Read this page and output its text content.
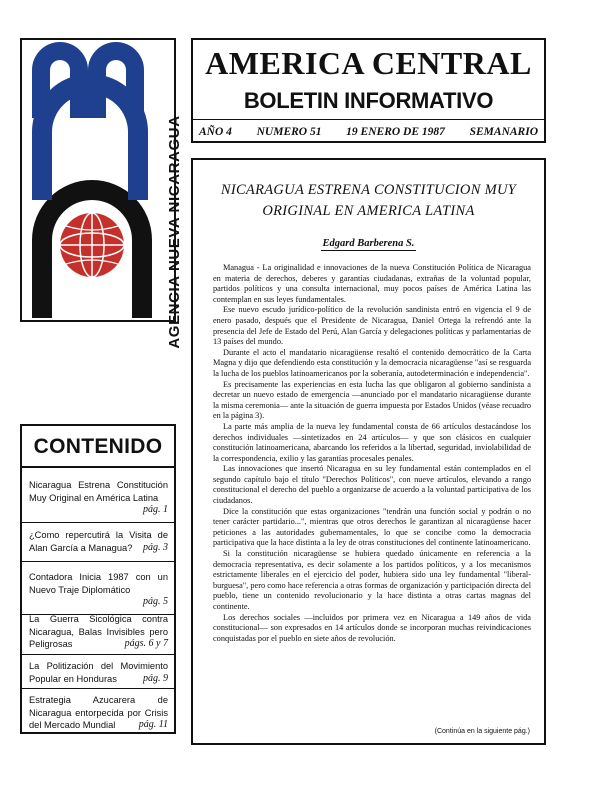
AGENCIA NUEVA NICARAGUA
AMERICA CENTRAL
BOLETIN INFORMATIVO
AÑO 4 NUMERO 51 19 ENERO DE 1987 SEMANARIO
CONTENIDO
Nicaragua Estrena Constitución Muy Original en América Latina
pág. 1
¿Como repercutirá la Visita de Alan García a Managua? pág. 3
Contadora Inicia 1987 con un Nuevo Traje Diplomático
pág. 5
La Guerra Sicológica contra Nicaragua, Balas Invisibles pero Peligrosas	págs. 6 y 7
La Politización del Movimiento Popular en Honduras	pág. 9
Estrategia Azucarera de Nicaragua entorpecida por Crisis del Mercado Mundial	pág. 11
NICARAGUA ESTRENA CONSTITUCION MUY
ORIGINAL EN AMERICA LATINA
Edgard Barberena S.

Managua - La originalidad e innovaciones de la nueva Constitución Política de Nicaragua en materia de derechos, deberes y garantías ciudadanas, extrañas de la voluntad popular, partidos políticos y una consulta internacional, muy pocos países de América Latina las contemplan en sus leyes fundamentales.

Ese nuevo escudo jurídico-político de la revolución sandinista entró en vigencia el 9 de enero pasado, después que el Presidente de Nicaragua, Daniel Ortega la refrendó ante la presencia del Jefe de Estado del Perú, Alan García y delegaciones políticas y parlamentarias de 13 países del mundo.

Durante el acto el mandatario nicaragüense resaltó el contenido democrático de la Carta Magna y dijo que defendiendo esta constitución y la democracia nicaragüense "así se resguarda la lucha de los pueblos latinoamericanos por la soberanía, autodeterminación e independencia".

Es precisamente las experiencias en esta lucha las que obligaron al gobierno sandinista a decretar un nuevo estado de emergencia —anunciado por el mandatario nicaragüense durante la misma ceremonia— ante la situación de guerra impuesta por Estados Unidos (véase recuadro en la página 3).

La parte más amplia de la nueva ley fundamental consta de 66 artículos destacándose los derechos individuales —sintetizados en 24 artículos— y que son clásicos en cualquier constitución latinoamericana, abarcando los referidos a la libertad, seguridad, inviolabilidad de la correspondencia, exilio y las garantías procesales penales.

Las innovaciones que insertó Nicaragua en su ley fundamental están contemplados en el segundo capítulo bajo el título "Derechos Políticos", con nueve artículos, elevando a rango constitucional el derecho del pueblo a organizarse de acuerdo a la voluntad participativa de los ciudadanos.

Dice la constitución que estas organizaciones "tendrán una función social y podrán o no tener carácter partidario...", mientras que otros derechos le garantizan al nicaragüense hacer peticiones a las autoridades gubernamentales, lo que se concibe como la democracia participativa que la hace distinta a la ley de otras constituciones del continente latinoamericano.

Si la constitución nicaragüense se hubiera quedado únicamente en referencia a la democracia representativa, es decir solamente a los partidos políticos, y a los mecanismos estrictamente liberales en el ejercicio del poder, hubiera sido una ley fundamental "liberal-burguesa", pero como hace referencia a otras formas de organización y participación directa del pueblo, tiene un contenido revolucionario y la hace distinta a otras cartas magnas del continente.

Los derechos sociales —incluidos por primera vez en Nicaragua a 149 años de vida constitucional— son expresados en 14 artículos donde se incorporan muchas reivindicaciones conquistadas por el pueblo en siete años de revolución.

(Continúa en la siguiente pág.)
